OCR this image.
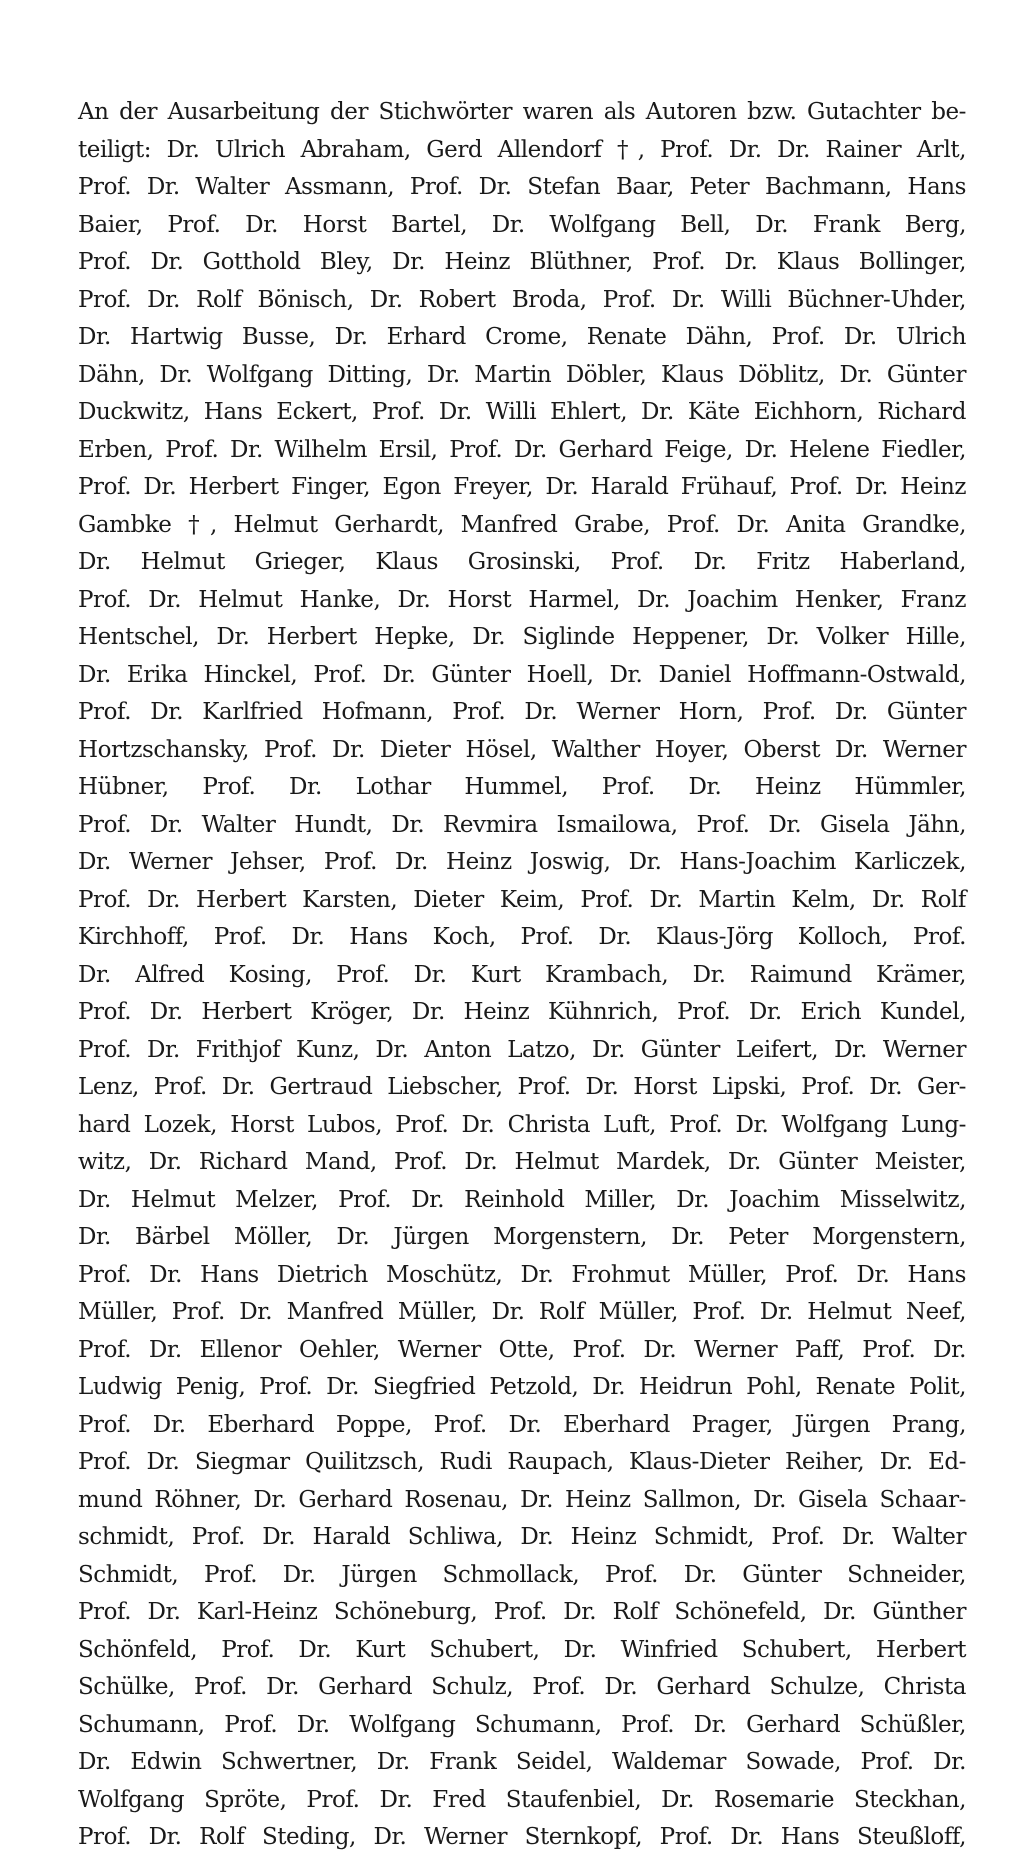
An der Ausarbeitung der Stichwörter waren als Autoren bzw. Gutachter be-
teiligt: Dr. Ulrich Abraham, Gerd Allendorf †, Prof. Dr. Dr. Rainer Arlt,
Prof. Dr. Walter Assmann, Prof. Dr. Stefan Baar, Peter Bachmann, Hans
Baier, Prof. Dr. Horst Bartel, Dr. Wolfgang Bell, Dr. Frank Berg,
Prof. Dr. Gotthold Bley, Dr. Heinz Blüthner, Prof. Dr. Klaus Bollinger,
Prof. Dr. Rolf Bönisch, Dr. Robert Broda, Prof. Dr. Willi Büchner-Uhder,
Dr. Hartwig Busse, Dr. Erhard Crome, Renate Dähn, Prof. Dr. Ulrich
Dähn, Dr. Wolfgang Ditting, Dr. Martin Döbler, Klaus Döblitz, Dr. Günter
Duckwitz, Hans Eckert, Prof. Dr. Willi Ehlert, Dr. Käte Eichhorn, Richard
Erben, Prof. Dr. Wilhelm Ersil, Prof. Dr. Gerhard Feige, Dr. Helene Fiedler,
Prof. Dr. Herbert Finger, Egon Freyer, Dr. Harald Frühauf, Prof. Dr. Heinz
Gambke †, Helmut Gerhardt, Manfred Grabe, Prof. Dr. Anita Grandke,
Dr. Helmut Grieger, Klaus Grosinski, Prof. Dr. Fritz Haberland,
Prof. Dr. Helmut Hanke, Dr. Horst Harmel, Dr. Joachim Henker, Franz
Hentschel, Dr. Herbert Hepke, Dr. Siglinde Heppener, Dr. Volker Hille,
Dr. Erika Hinckel, Prof. Dr. Günter Hoell, Dr. Daniel Hoffmann-Ostwald,
Prof. Dr. Karlfried Hofmann, Prof. Dr. Werner Horn, Prof. Dr. Günter
Hortzschansky, Prof. Dr. Dieter Hösel, Walther Hoyer, Oberst Dr. Werner
Hübner, Prof. Dr. Lothar Hummel, Prof. Dr. Heinz Hümmler,
Prof. Dr. Walter Hundt, Dr. Revmira Ismailowa, Prof. Dr. Gisela Jähn,
Dr. Werner Jehser, Prof. Dr. Heinz Joswig, Dr. Hans-Joachim Karliczek,
Prof. Dr. Herbert Karsten, Dieter Keim, Prof. Dr. Martin Kelm, Dr. Rolf
Kirchhoff, Prof. Dr. Hans Koch, Prof. Dr. Klaus-Jörg Kolloch, Prof.
Dr. Alfred Kosing, Prof. Dr. Kurt Krambach, Dr. Raimund Krämer,
Prof. Dr. Herbert Kröger, Dr. Heinz Kühnrich, Prof. Dr. Erich Kundel,
Prof. Dr. Frithjof Kunz, Dr. Anton Latzo, Dr. Günter Leifert, Dr. Werner
Lenz, Prof. Dr. Gertraud Liebscher, Prof. Dr. Horst Lipski, Prof. Dr. Ger-
hard Lozek, Horst Lubos, Prof. Dr. Christa Luft, Prof. Dr. Wolfgang Lung-
witz, Dr. Richard Mand, Prof. Dr. Helmut Mardek, Dr. Günter Meister,
Dr. Helmut Melzer, Prof. Dr. Reinhold Miller, Dr. Joachim Misselwitz,
Dr. Bärbel Möller, Dr. Jürgen Morgenstern, Dr. Peter Morgenstern,
Prof. Dr. Hans Dietrich Moschütz, Dr. Frohmut Müller, Prof. Dr. Hans
Müller, Prof. Dr. Manfred Müller, Dr. Rolf Müller, Prof. Dr. Helmut Neef,
Prof. Dr. Ellenor Oehler, Werner Otte, Prof. Dr. Werner Paff, Prof. Dr.
Ludwig Penig, Prof. Dr. Siegfried Petzold, Dr. Heidrun Pohl, Renate Polit,
Prof. Dr. Eberhard Poppe, Prof. Dr. Eberhard Prager, Jürgen Prang,
Prof. Dr. Siegmar Quilitzsch, Rudi Raupach, Klaus-Dieter Reiher, Dr. Ed-
mund Röhner, Dr. Gerhard Rosenau, Dr. Heinz Sallmon, Dr. Gisela Schaar-
schmidt, Prof. Dr. Harald Schliwa, Dr. Heinz Schmidt, Prof. Dr. Walter
Schmidt, Prof. Dr. Jürgen Schmollack, Prof. Dr. Günter Schneider,
Prof. Dr. Karl-Heinz Schöneburg, Prof. Dr. Rolf Schönefeld, Dr. Günther
Schönfeld, Prof. Dr. Kurt Schubert, Dr. Winfried Schubert, Herbert
Schülke, Prof. Dr. Gerhard Schulz, Prof. Dr. Gerhard Schulze, Christa
Schumann, Prof. Dr. Wolfgang Schumann, Prof. Dr. Gerhard Schüßler,
Dr. Edwin Schwertner, Dr. Frank Seidel, Waldemar Sowade, Prof. Dr.
Wolfgang Spröte, Prof. Dr. Fred Staufenbiel, Dr. Rosemarie Steckhan,
Prof. Dr. Rolf Steding, Dr. Werner Sternkopf, Prof. Dr. Hans Steußloff,
